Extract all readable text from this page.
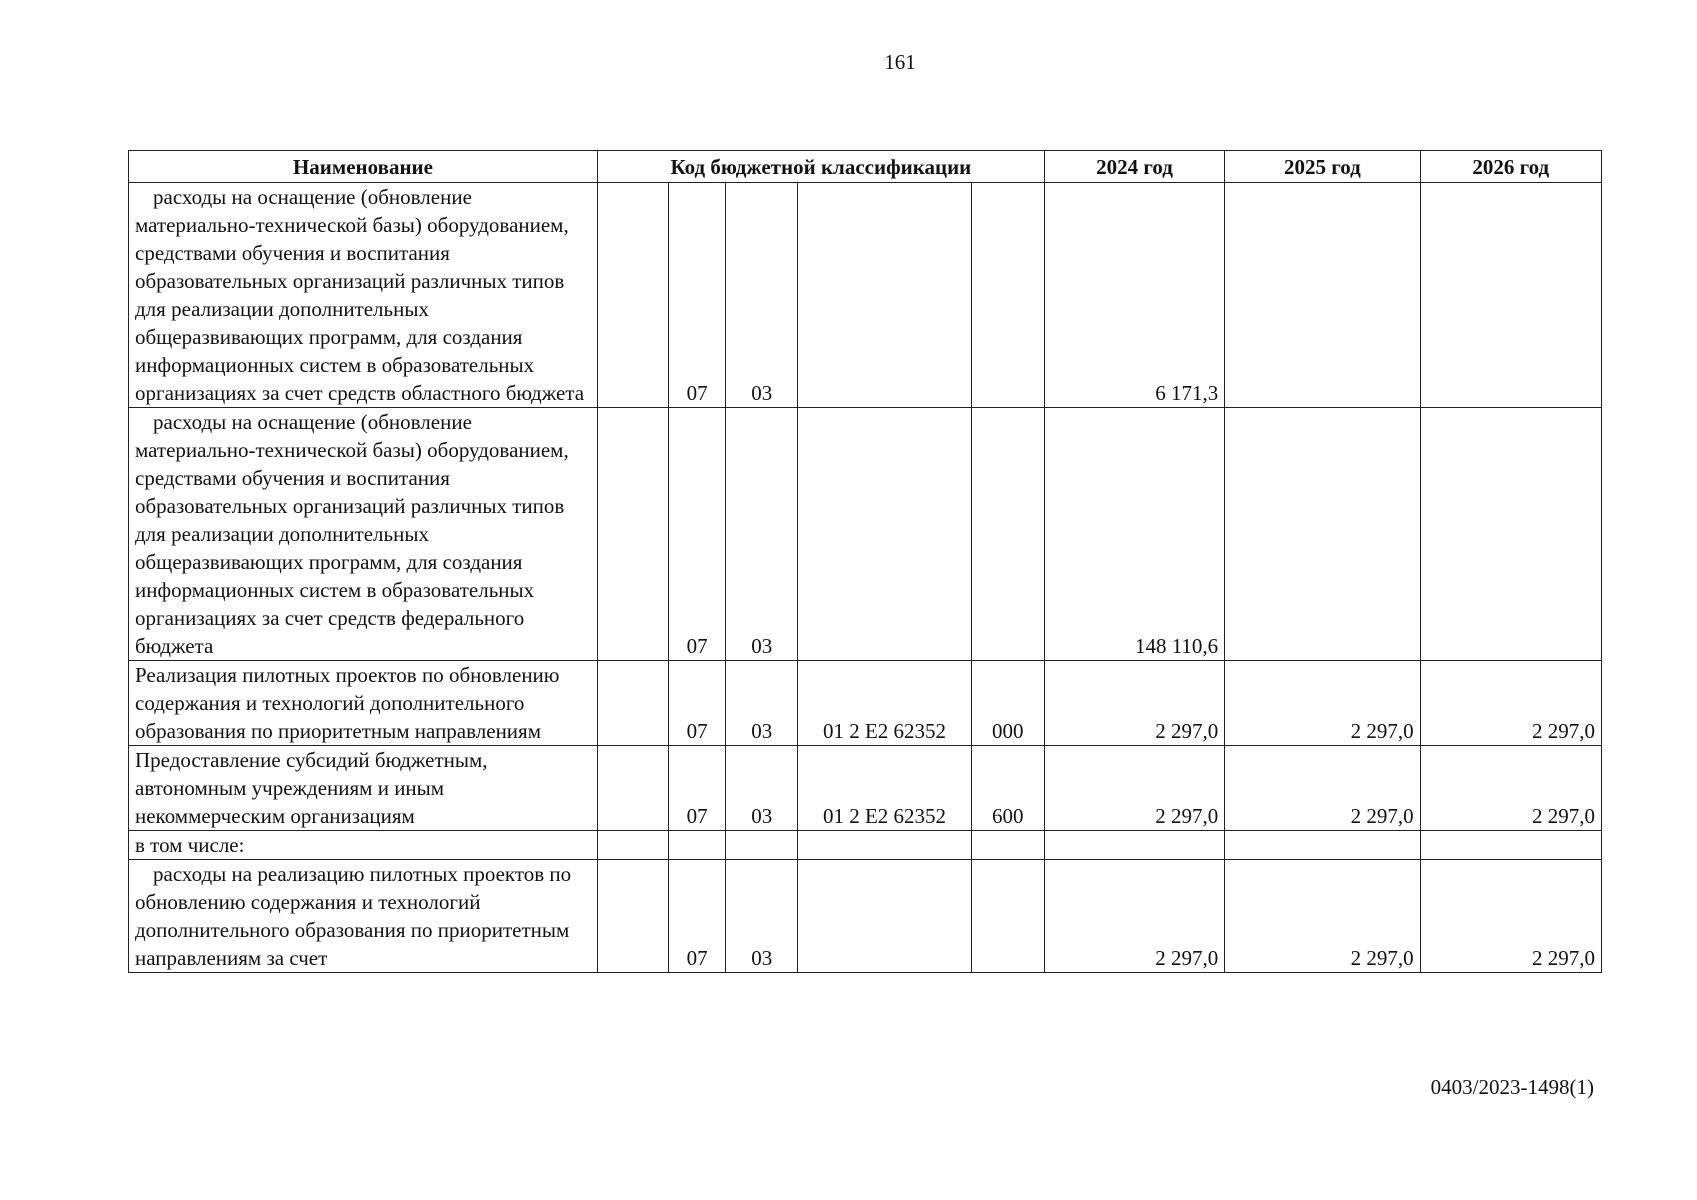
161
Наименование	Код бюджетной классификации					2024 год	2025 год	2026 год
расходы на оснащение (обновление материально-технической базы) оборудованием, средствами обучения и воспитания образовательных организаций различных типов для реализации дополнительных общеразвивающих программ, для создания информационных систем в образовательных организациях за счет средств областного бюджета		07	03			6 171,3		
расходы на оснащение (обновление материально-технической базы) оборудованием, средствами обучения и воспитания образовательных организаций различных типов для реализации дополнительных общеразвивающих программ, для создания информационных систем в образовательных организациях за счет средств федерального бюджета		07	03			148 110,6		
Реализация пилотных проектов по обновлению содержания и технологий дополнительного образования по приоритетным направлениям		07	03	01 2 E2 62352	000	2 297,0	2 297,0	2 297,0
Предоставление субсидий бюджетным, автономным учреждениям и иным некоммерческим организациям		07	03	01 2 E2 62352	600	2 297,0	2 297,0	2 297,0
в том числе:								
расходы на реализацию пилотных проектов по обновлению содержания и технологий дополнительного образования по приоритетным направлениям за счет		07	03			2 297,0	2 297,0	2 297,0
0403/2023-1498(1)
